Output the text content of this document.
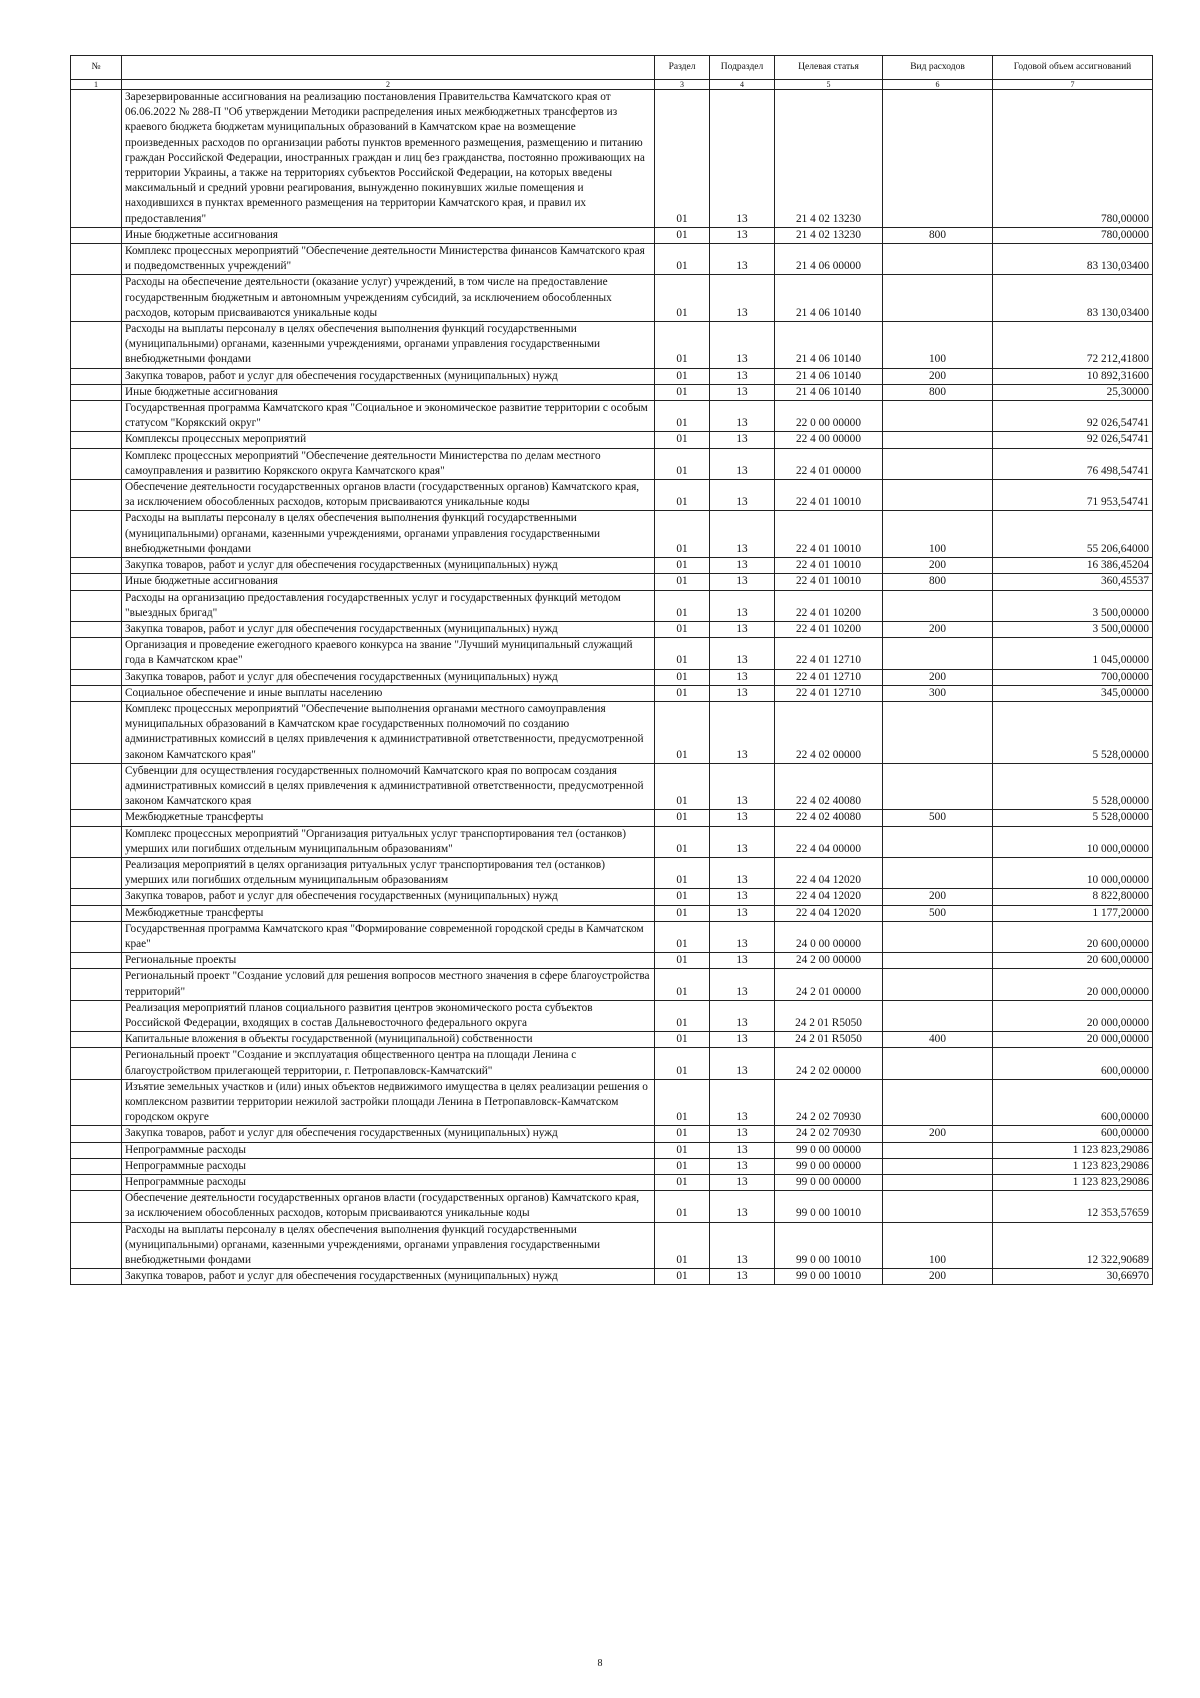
№		Раздел	Подраздел	Целевая статья	Вид расходов	Годовой объем ассигнований
1	2	3	4	5	6	7
	Зарезервированные ассигнования на реализацию постановления Правительства Камчатского края от 06.06.2022 № 288-П "Об утверждении Методики распределения иных межбюджетных трансфертов из краевого бюджета бюджетам муниципальных образований в Камчатском крае на возмещение произведенных расходов по организации работы пунктов временного размещения, размещению и питанию граждан Российской Федерации, иностранных граждан и лиц без гражданства, постоянно проживающих на территории Украины, а также на территориях субъектов Российской Федерации, на которых введены максимальный и средний уровни реагирования, вынужденно покинувших жилые помещения и находившихся в пунктах временного размещения на территории Камчатского края, и правил их предоставления"	01	13	21 4 02 13230		780,00000
	Иные бюджетные ассигнования	01	13	21 4 02 13230	800	780,00000
	Комплекс процессных мероприятий "Обеспечение деятельности Министерства финансов Камчатского края и подведомственных учреждений"	01	13	21 4 06 00000		83 130,03400
	Расходы на обеспечение деятельности (оказание услуг) учреждений, в том числе на предоставление государственным бюджетным и автономным учреждениям субсидий, за исключением обособленных расходов, которым присваиваются уникальные коды	01	13	21 4 06 10140		83 130,03400
	Расходы на выплаты персоналу в целях обеспечения выполнения функций государственными (муниципальными) органами, казенными учреждениями, органами управления государственными внебюджетными фондами	01	13	21 4 06 10140	100	72 212,41800
	Закупка товаров, работ и услуг для обеспечения государственных (муниципальных) нужд	01	13	21 4 06 10140	200	10 892,31600
	Иные бюджетные ассигнования	01	13	21 4 06 10140	800	25,30000
	Государственная программа Камчатского края "Социальное и экономическое развитие территории с особым статусом "Корякский округ"	01	13	22 0 00 00000		92 026,54741
	Комплексы процессных мероприятий	01	13	22 4 00 00000		92 026,54741
	Комплекс процессных мероприятий "Обеспечение деятельности Министерства по делам местного самоуправления и развитию Корякского округа Камчатского края"	01	13	22 4 01 00000		76 498,54741
	Обеспечение деятельности государственных органов власти (государственных органов) Камчатского края, за исключением обособленных расходов, которым присваиваются уникальные коды	01	13	22 4 01 10010		71 953,54741
	Расходы на выплаты персоналу в целях обеспечения выполнения функций государственными (муниципальными) органами, казенными учреждениями, органами управления государственными внебюджетными фондами	01	13	22 4 01 10010	100	55 206,64000
	Закупка товаров, работ и услуг для обеспечения государственных (муниципальных) нужд	01	13	22 4 01 10010	200	16 386,45204
	Иные бюджетные ассигнования	01	13	22 4 01 10010	800	360,45537
	Расходы на организацию предоставления государственных услуг и государственных функций методом "выездных бригад"	01	13	22 4 01 10200		3 500,00000
	Закупка товаров, работ и услуг для обеспечения государственных (муниципальных) нужд	01	13	22 4 01 10200	200	3 500,00000
	Организация и проведение ежегодного краевого конкурса на звание "Лучший муниципальный служащий года в Камчатском крае"	01	13	22 4 01 12710		1 045,00000
	Закупка товаров, работ и услуг для обеспечения государственных (муниципальных) нужд	01	13	22 4 01 12710	200	700,00000
	Социальное обеспечение и иные выплаты населению	01	13	22 4 01 12710	300	345,00000
	Комплекс процессных мероприятий "Обеспечение выполнения органами местного самоуправления муниципальных образований в Камчатском крае государственных полномочий по созданию административных комиссий в целях привлечения к административной ответственности, предусмотренной законом Камчатского края"	01	13	22 4 02 00000		5 528,00000
	Субвенции для осуществления государственных полномочий Камчатского края по вопросам создания административных комиссий в целях привлечения к административной ответственности, предусмотренной законом Камчатского края	01	13	22 4 02 40080		5 528,00000
	Межбюджетные трансферты	01	13	22 4 02 40080	500	5 528,00000
	Комплекс процессных мероприятий "Организация ритуальных услуг транспортирования тел (останков) умерших или погибших отдельным муниципальным образованиям"	01	13	22 4 04 00000		10 000,00000
	Реализация мероприятий в целях организация ритуальных услуг транспортирования тел (останков) умерших или погибших отдельным муниципальным образованиям	01	13	22 4 04 12020		10 000,00000
	Закупка товаров, работ и услуг для обеспечения государственных (муниципальных) нужд	01	13	22 4 04 12020	200	8 822,80000
	Межбюджетные трансферты	01	13	22 4 04 12020	500	1 177,20000
	Государственная программа Камчатского края "Формирование современной городской среды в Камчатском крае"	01	13	24 0 00 00000		20 600,00000
	Региональные проекты	01	13	24 2 00 00000		20 600,00000
	Региональный проект "Создание условий для решения вопросов местного значения в сфере благоустройства территорий"	01	13	24 2 01 00000		20 000,00000
	Реализация мероприятий планов социального развития центров экономического роста субъектов Российской Федерации, входящих в состав Дальневосточного федерального округа	01	13	24 2 01 R5050		20 000,00000
	Капитальные вложения в объекты государственной (муниципальной) собственности	01	13	24 2 01 R5050	400	20 000,00000
	Региональный проект "Создание и эксплуатация общественного центра на площади Ленина с благоустройством прилегающей территории, г. Петропавловск-Камчатский"	01	13	24 2 02 00000		600,00000
	Изъятие земельных участков и (или) иных объектов недвижимого имущества в целях реализации решения о комплексном развитии территории нежилой застройки площади Ленина в Петропавловск-Камчатском городском округе	01	13	24 2 02 70930		600,00000
	Закупка товаров, работ и услуг для обеспечения государственных (муниципальных) нужд	01	13	24 2 02 70930	200	600,00000
	Непрограммные расходы	01	13	99 0 00 00000		1 123 823,29086
	Непрограммные расходы	01	13	99 0 00 00000		1 123 823,29086
	Непрограммные расходы	01	13	99 0 00 00000		1 123 823,29086
	Обеспечение деятельности государственных органов власти (государственных органов) Камчатского края, за исключением обособленных расходов, которым присваиваются уникальные коды	01	13	99 0 00 10010		12 353,57659
	Расходы на выплаты персоналу в целях обеспечения выполнения функций государственными (муниципальными) органами, казенными учреждениями, органами управления государственными внебюджетными фондами	01	13	99 0 00 10010	100	12 322,90689
	Закупка товаров, работ и услуг для обеспечения государственных (муниципальных) нужд	01	13	99 0 00 10010	200	30,66970
8
